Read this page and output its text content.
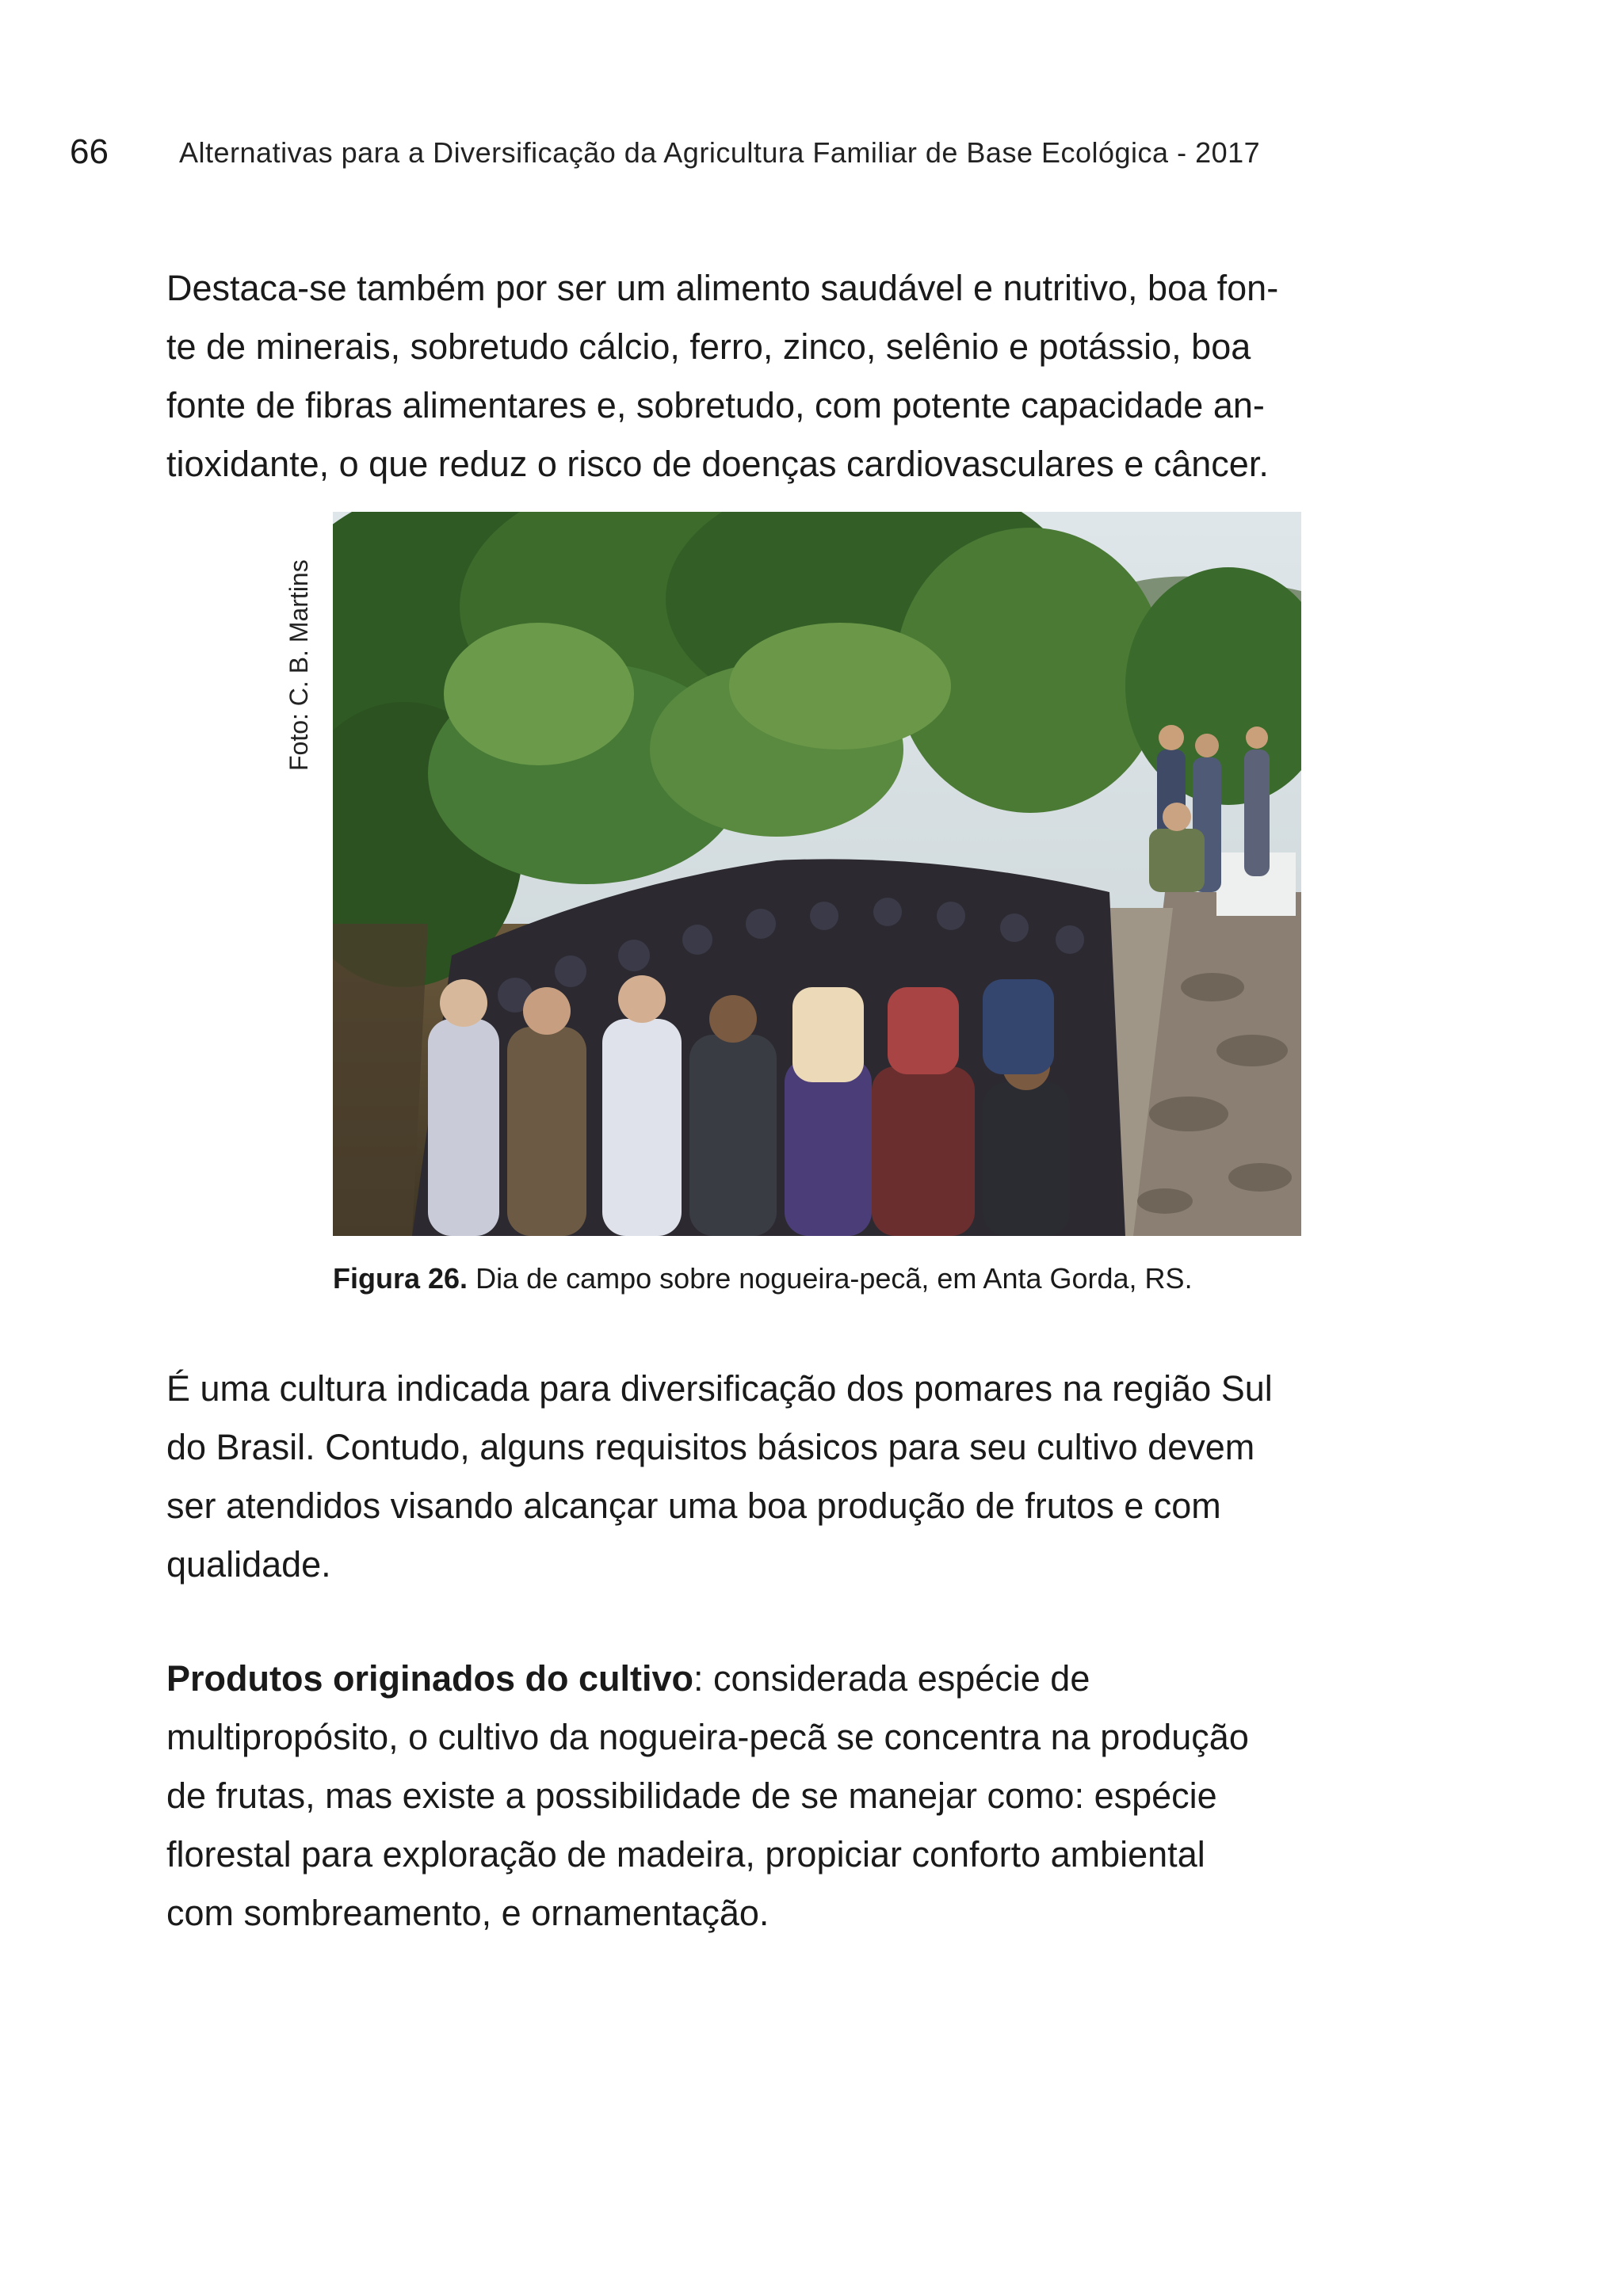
66 Alternativas para a Diversificação da Agricultura Familiar de Base Ecológica - 2017

Destaca-se também por ser um alimento saudável e nutritivo, boa fon-
te de minerais, sobretudo cálcio, ferro, zinco, selênio e potássio, boa
fonte de fibras alimentares e, sobretudo, com potente capacidade an-
tioxidante, o que reduz o risco de doenças cardiovasculares e câncer.

Foto: C. B. Martins
Figura 26. Dia de campo sobre nogueira-pecã, em Anta Gorda, RS.

É uma cultura indicada para diversificação dos pomares na região Sul
do Brasil. Contudo, alguns requisitos básicos para seu cultivo devem
ser atendidos visando alcançar uma boa produção de frutos e com
qualidade.

Produtos originados do cultivo: considerada espécie de
multipropósito, o cultivo da nogueira-pecã se concentra na produção
de frutas, mas existe a possibilidade de se manejar como: espécie
florestal para exploração de madeira, propiciar conforto ambiental
com sombreamento, e ornamentação.
